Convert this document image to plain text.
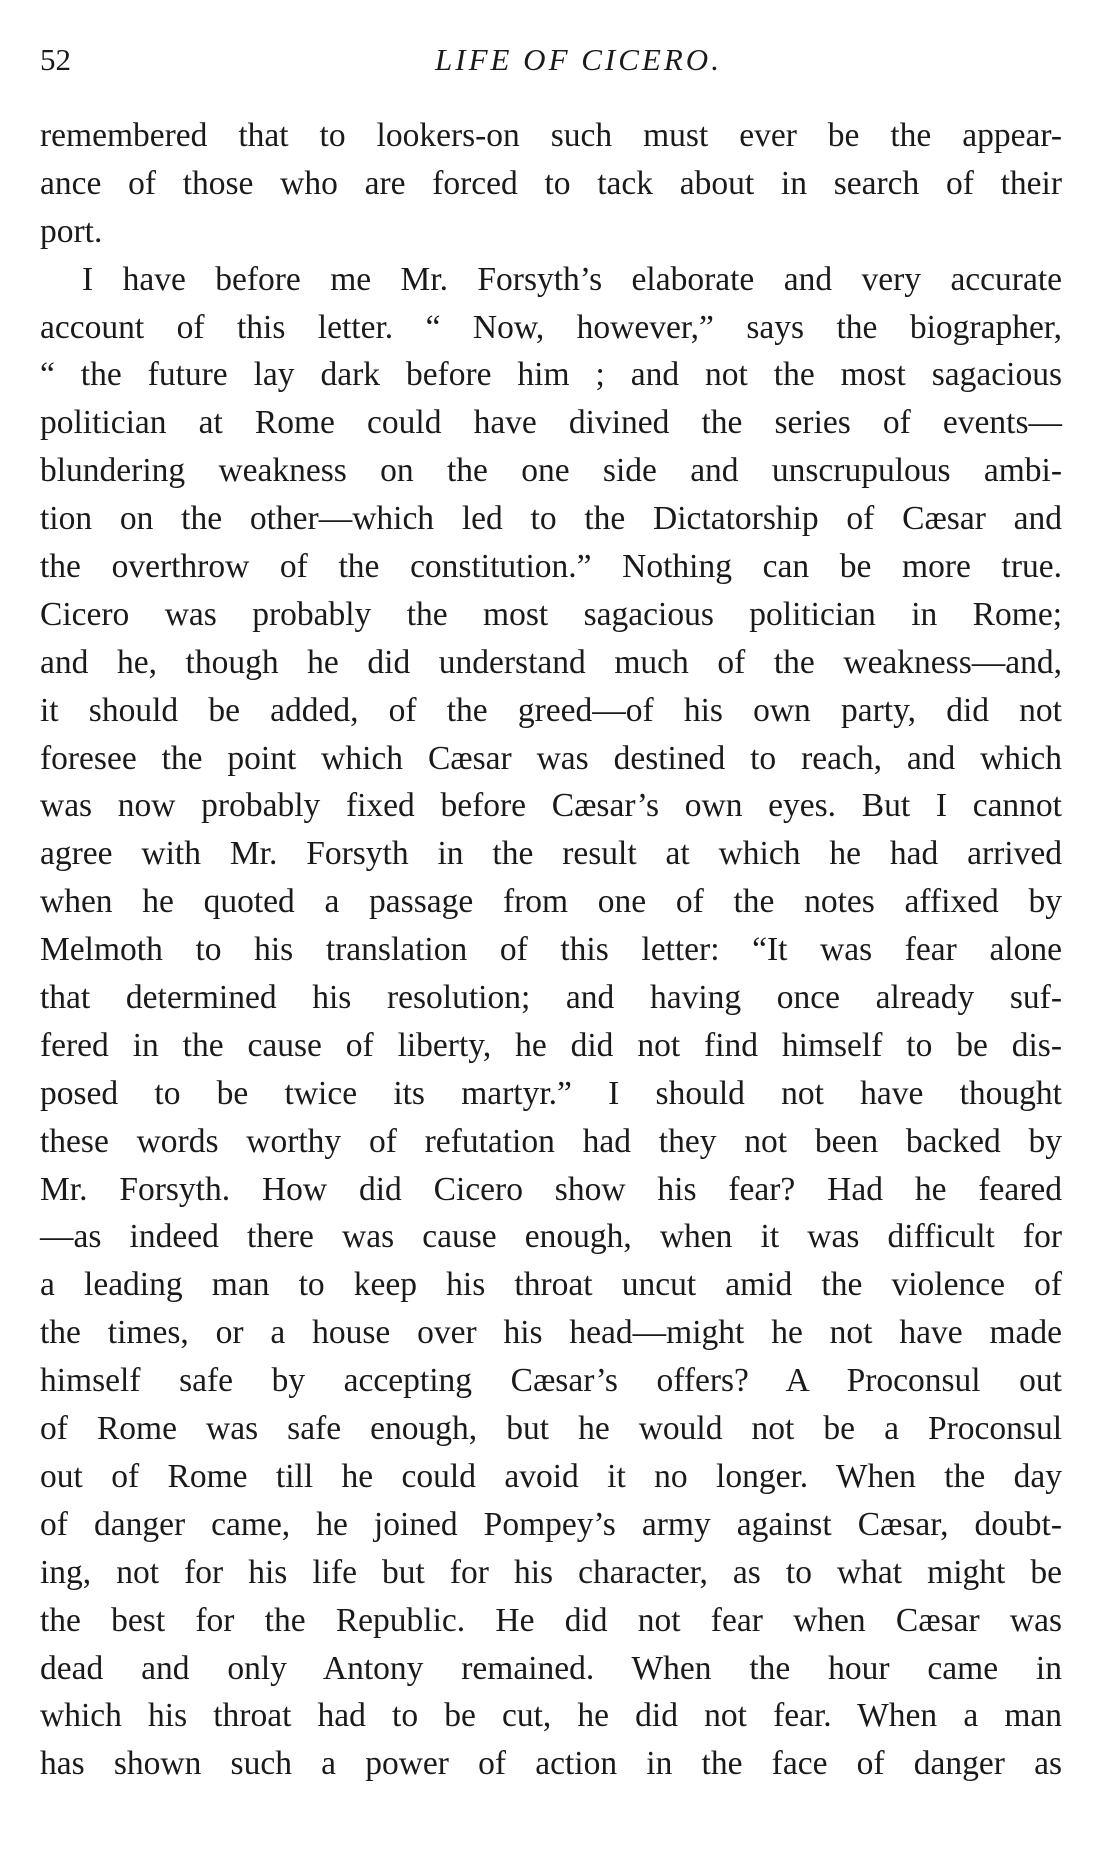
52	LIFE OF CICERO.
remembered that to lookers-on such must ever be the appear-
ance of those who are forced to tack about in search of their
port.
I have before me Mr. Forsyth’s elaborate and very accurate
account of this letter. “ Now, however,” says the biographer,
“ the future lay dark before him ; and not the most sagacious
politician at Rome could have divined the series of events—
blundering weakness on the one side and unscrupulous ambi-
tion on the other—which led to the Dictatorship of Cæsar and
the overthrow of the constitution.” Nothing can be more true.
Cicero was probably the most sagacious politician in Rome;
and he, though he did understand much of the weakness—and,
it should be added, of the greed—of his own party, did not
foresee the point which Cæsar was destined to reach, and which
was now probably fixed before Cæsar’s own eyes. But I cannot
agree with Mr. Forsyth in the result at which he had arrived
when he quoted a passage from one of the notes affixed by
Melmoth to his translation of this letter: “It was fear alone
that determined his resolution; and having once already suf-
fered in the cause of liberty, he did not find himself to be dis-
posed to be twice its martyr.” I should not have thought
these words worthy of refutation had they not been backed by
Mr. Forsyth. How did Cicero show his fear? Had he feared
—as indeed there was cause enough, when it was difficult for
a leading man to keep his throat uncut amid the violence of
the times, or a house over his head—might he not have made
himself safe by accepting Cæsar’s offers? A Proconsul out
of Rome was safe enough, but he would not be a Proconsul
out of Rome till he could avoid it no longer. When the day
of danger came, he joined Pompey’s army against Cæsar, doubt-
ing, not for his life but for his character, as to what might be
the best for the Republic. He did not fear when Cæsar was
dead and only Antony remained. When the hour came in
which his throat had to be cut, he did not fear. When a man
has shown such a power of action in the face of danger as
